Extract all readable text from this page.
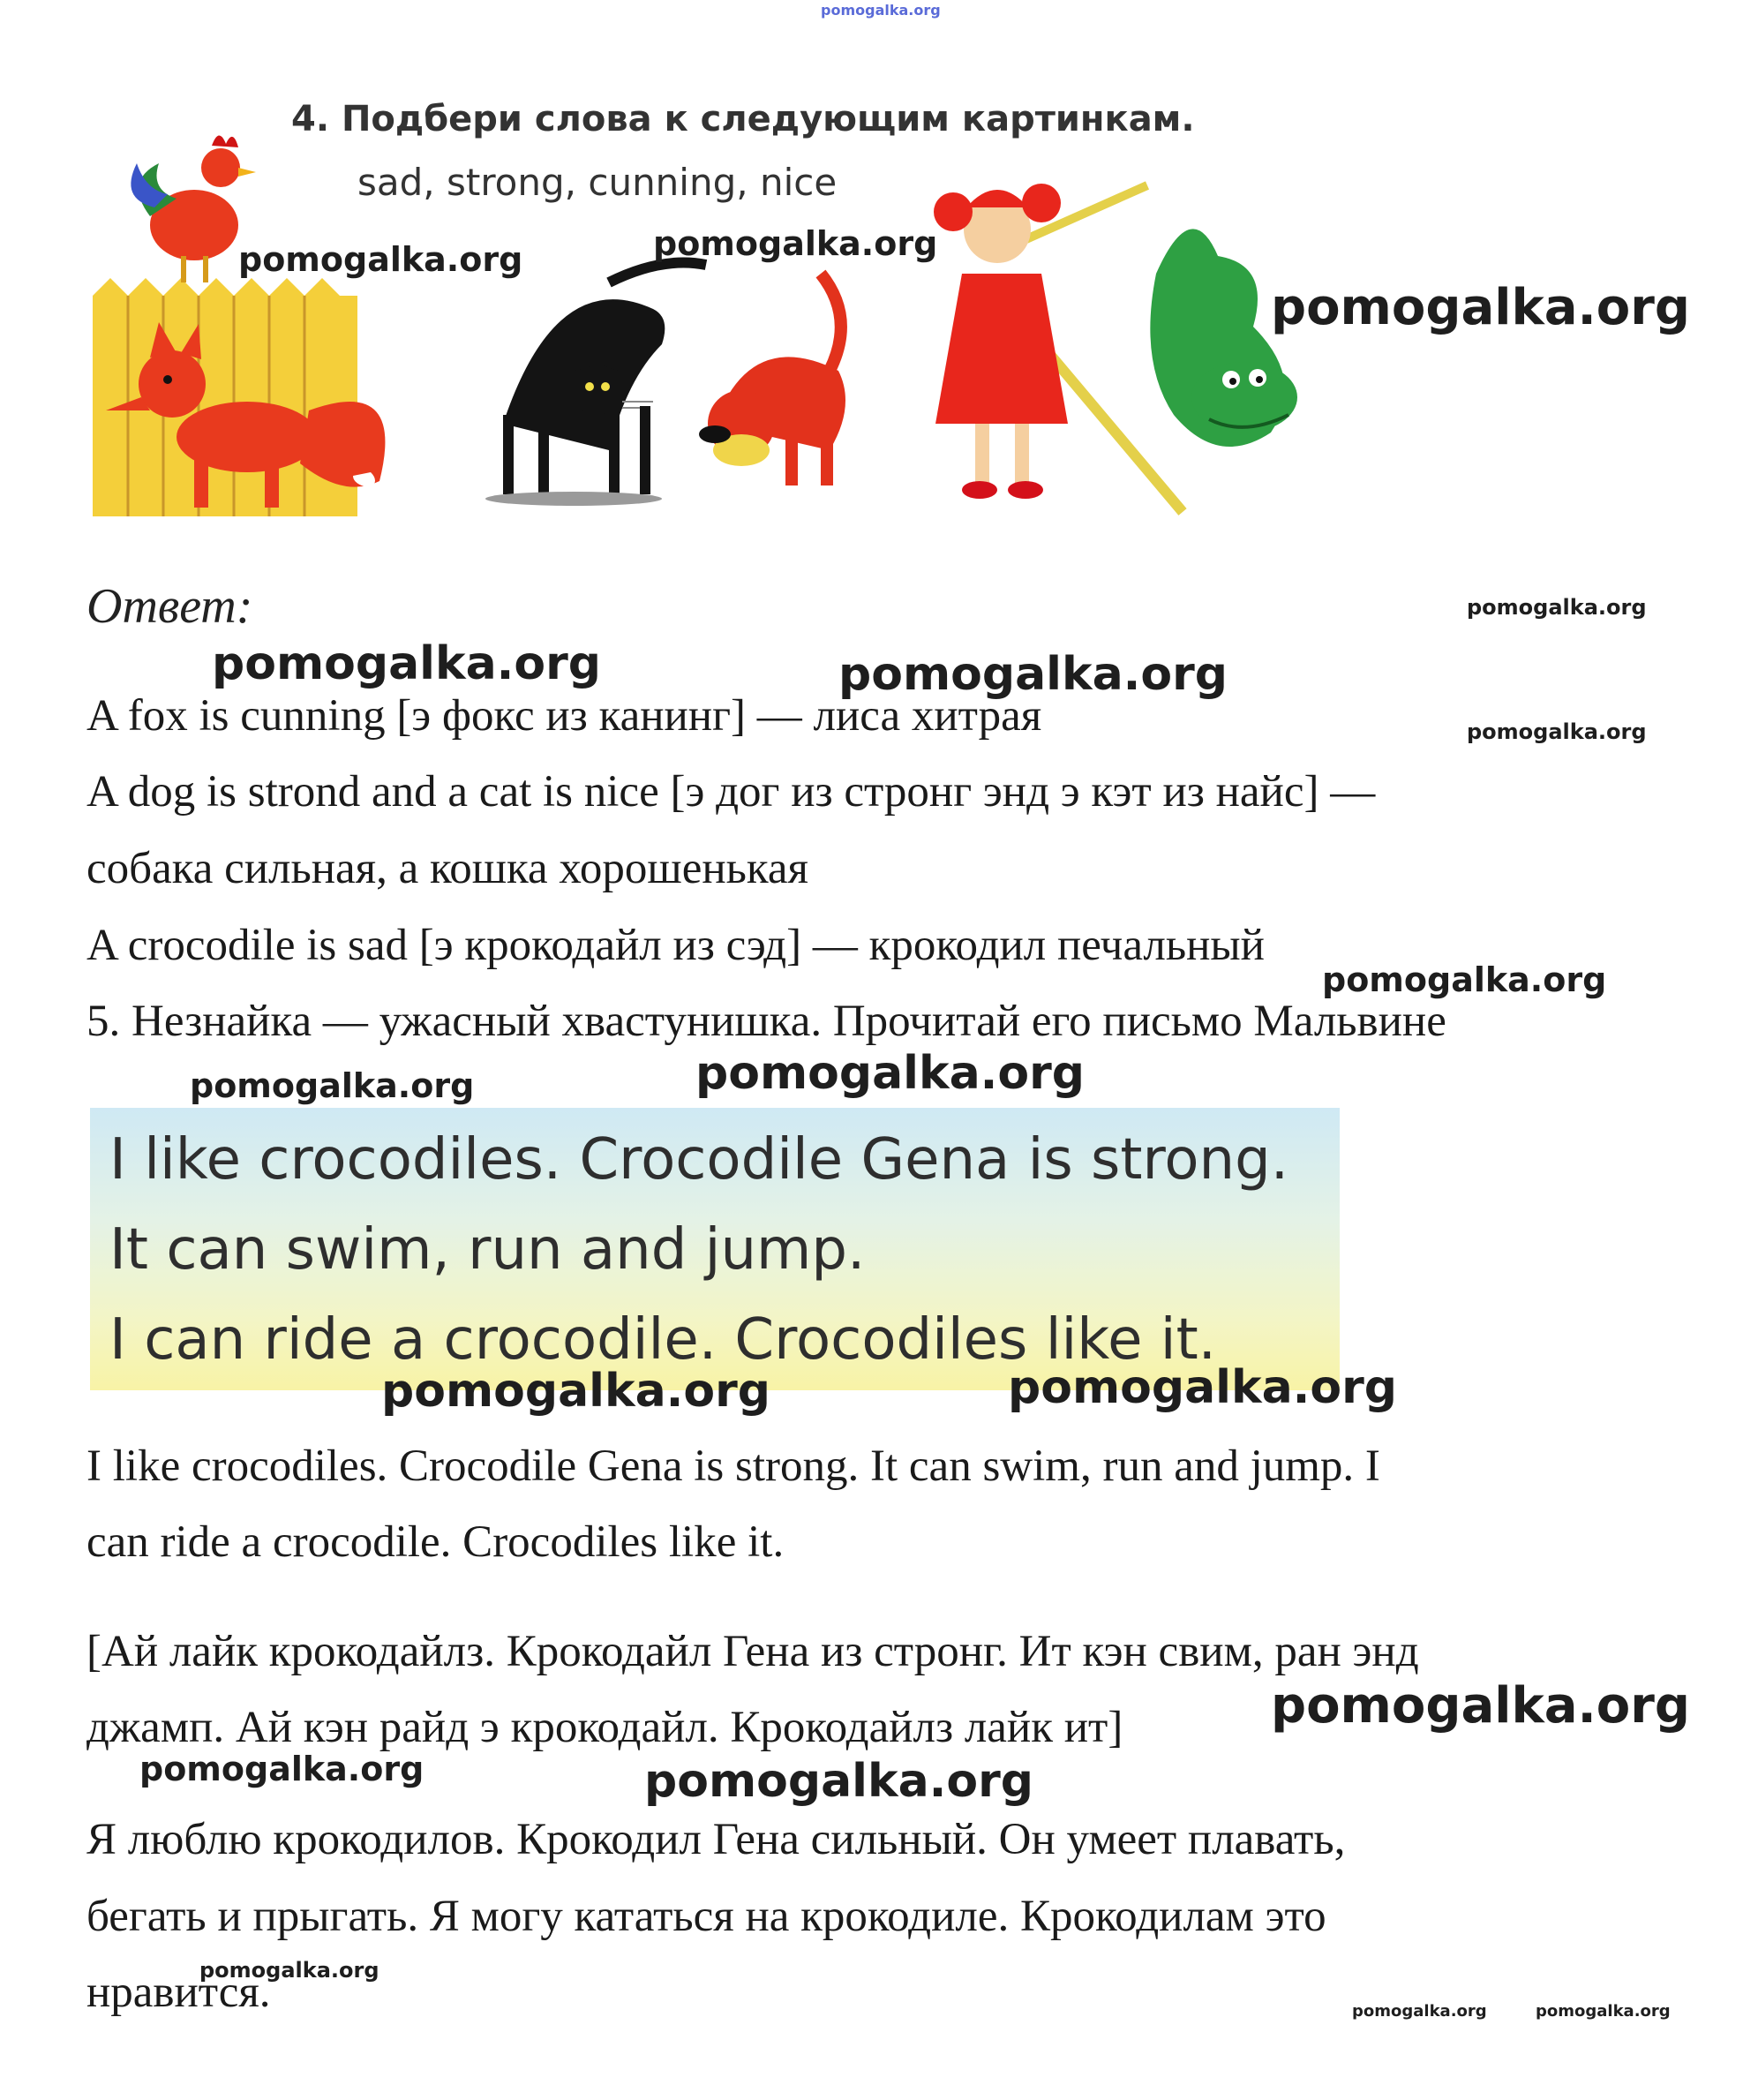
pomogalka.org
4. Подбери слова к следующим картинкам.
sad, strong, cunning, nice
pomogalka.org	pomogalka.org
pomogalka.org
Ответ:	pomogalka.org
pomogalka.org	pomogalka.org
pomogalka.org
A fox is cunning [э фокс из канинг] — лиса хитрая
A dog is strond and a cat is nice [э дог из стронг энд э кэт из найс] —
собака сильная, а кошка хорошенькая
A crocodile is sad [э крокодайл из сэд] — крокодил печальный
pomogalka.org
5. Незнайка — ужасный хвастунишка. Прочитай его письмо Мальвине
pomogalka.org	pomogalka.org
I like crocodiles. Crocodile Gena is strong.
It can swim, run and jump.
I can ride a crocodile. Crocodiles like it.
pomogalka.org	pomogalka.org
I like crocodiles. Crocodile Gena is strong. It can swim, run and jump. I
can ride a crocodile. Crocodiles like it.
[Ай лайк крокодайлз. Крокодайл Гена из стронг. Ит кэн свим, ран энд
джамп. Ай кэн райд э крокодайл. Крокодайлз лайк ит]	pomogalka.org
pomogalka.org	pomogalka.org
Я люблю крокодилов. Крокодил Гена сильный. Он умеет плавать,
бегать и прыгать. Я могу кататься на крокодиле. Крокодилам это
pomogalka.org
нравится.	pomogalka.org	pomogalka.org
